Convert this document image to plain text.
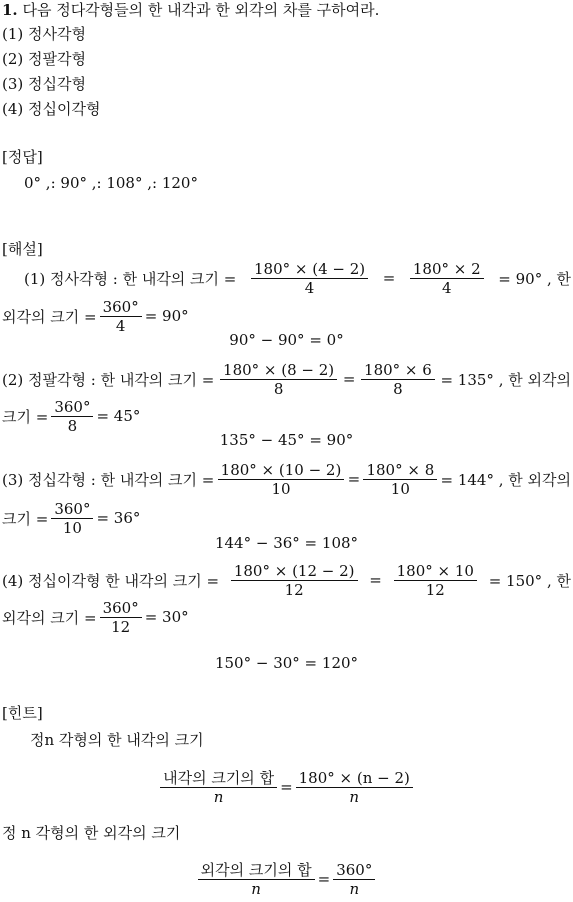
1. 다음 정다각형들의 한 내각과 한 외각의 차를 구하여라.
(1) 정사각형
(2) 정팔각형
(3) 정십각형
(4) 정십이각형
[정답]
0° ,: 90° ,: 108° ,: 120°
[해설]
(1) 정사각형 : 한 내각의 크기 = $\frac{180^\circ \times (4 - 2)}{4} = \frac{180^\circ \times 2}{4} = 90^\circ$ , 한
외각의 크기 = $\frac{360^\circ}{4} = 90^\circ$
90° − 90° = 0°
(2) 정팔각형 : 한 내각의 크기 = $\frac{180^\circ \times (8 - 2)}{8} = \frac{180^\circ \times 6}{8} = 135^\circ$ , 한 외각의
크기 = $\frac{360^\circ}{8} = 45^\circ$
135° − 45° = 90°
(3) 정십각형 : 한 내각의 크기 = $\frac{180^\circ \times (10 - 2)}{10} = \frac{180^\circ \times 8}{10} = 144^\circ$ , 한 외각의
크기 = $\frac{360^\circ}{10} = 36^\circ$
144° − 36° = 108°
(4) 정십이각형 한 내각의 크기 = $\frac{180^\circ \times (12 - 2)}{12} = \frac{180^\circ \times 10}{12} = 150^\circ$ , 한
외각의 크기 = $\frac{360^\circ}{12} = 30^\circ$
150° − 30° = 120°
[힌트]
정n 각형의 한 내각의 크기
$\frac{\text{내각의 크기의 합}}{n} = \frac{180^\circ \times (n - 2)}{n}$
정 n 각형의 한 외각의 크기
$\frac{\text{외각의 크기의 합}}{n} = \frac{360^\circ}{n}$
